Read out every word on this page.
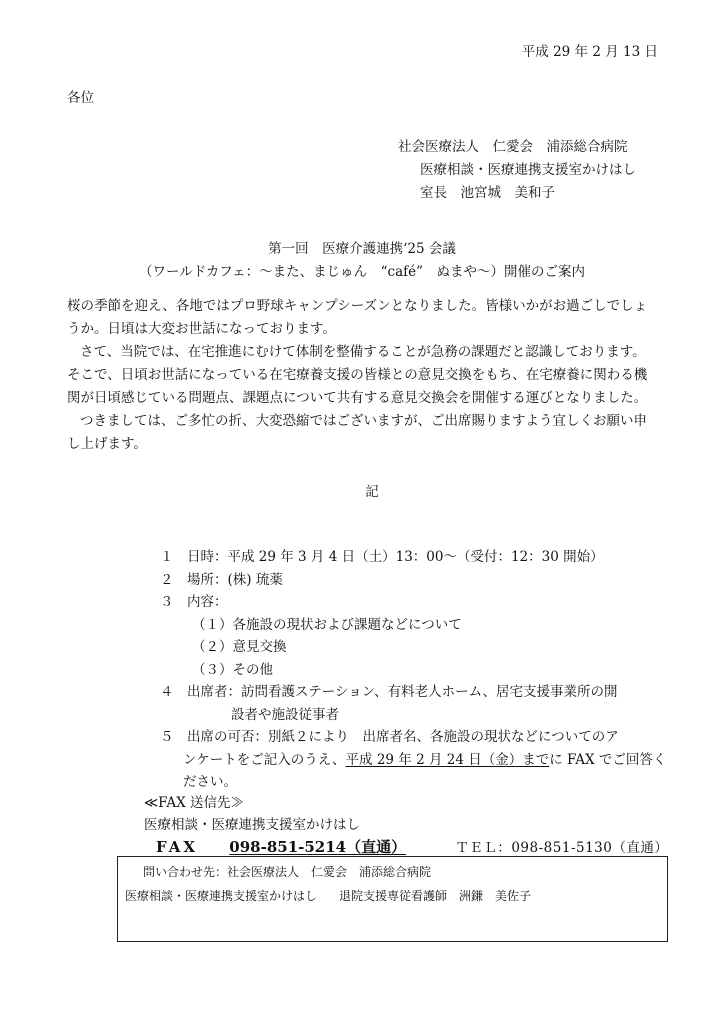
平成 29 年 2 月 13 日
各位
社会医療法人　仁愛会　浦添総合病院
医療相談・医療連携支援室かけはし
室長　池宮城　美和子
第一回　医療介護連携‘25 会議
（ワールドカフェ：～また、まじゅん　“café”　ぬまや～）開催のご案内

桜の季節を迎え、各地ではプロ野球キャンプシーズンとなりました。皆様いかがお過ごしでしょうか。日頃は大変お世話になっております。

さて、当院では、在宅推進にむけて体制を整備することが急務の課題だと認識しております。そこで、日頃お世話になっている在宅療養支援の皆様との意見交換をもち、在宅療養に関わる機関が日頃感じている問題点、課題点について共有する意見交換会を開催する運びとなりました。

つきましては、ご多忙の折、大変恐縮ではございますが、ご出席賜りますよう宜しくお願い申し上げます。

記
１　日時：平成 29 年 3 月 4 日（土）13：00～（受付：12：30 開始）
２　場所：(株) 琉薬
３　内容：
（１）各施設の現状および課題などについて
（２）意見交換
（３）その他
４　出席者：訪問看護ステーション、有料老人ホーム、居宅支援事業所の開
設者や施設従事者
５　出席の可否：別紙２により　出席者名、各施設の現状などについてのア
ンケートをご記入のうえ、平成 29 年 2 月 24 日（金）までに FAX でご回答く
ださい。
≪FAX 送信先≫
医療相談・医療連携支援室かけはし
FAX 098-851-5214（直通）	ＴＥＬ：098-851-5130（直通）
問い合わせ先：社会医療法人　仁愛会　浦添総合病院
医療相談・医療連携支援室かけはし 退院支援専従看護師　洲鎌　美佐子
